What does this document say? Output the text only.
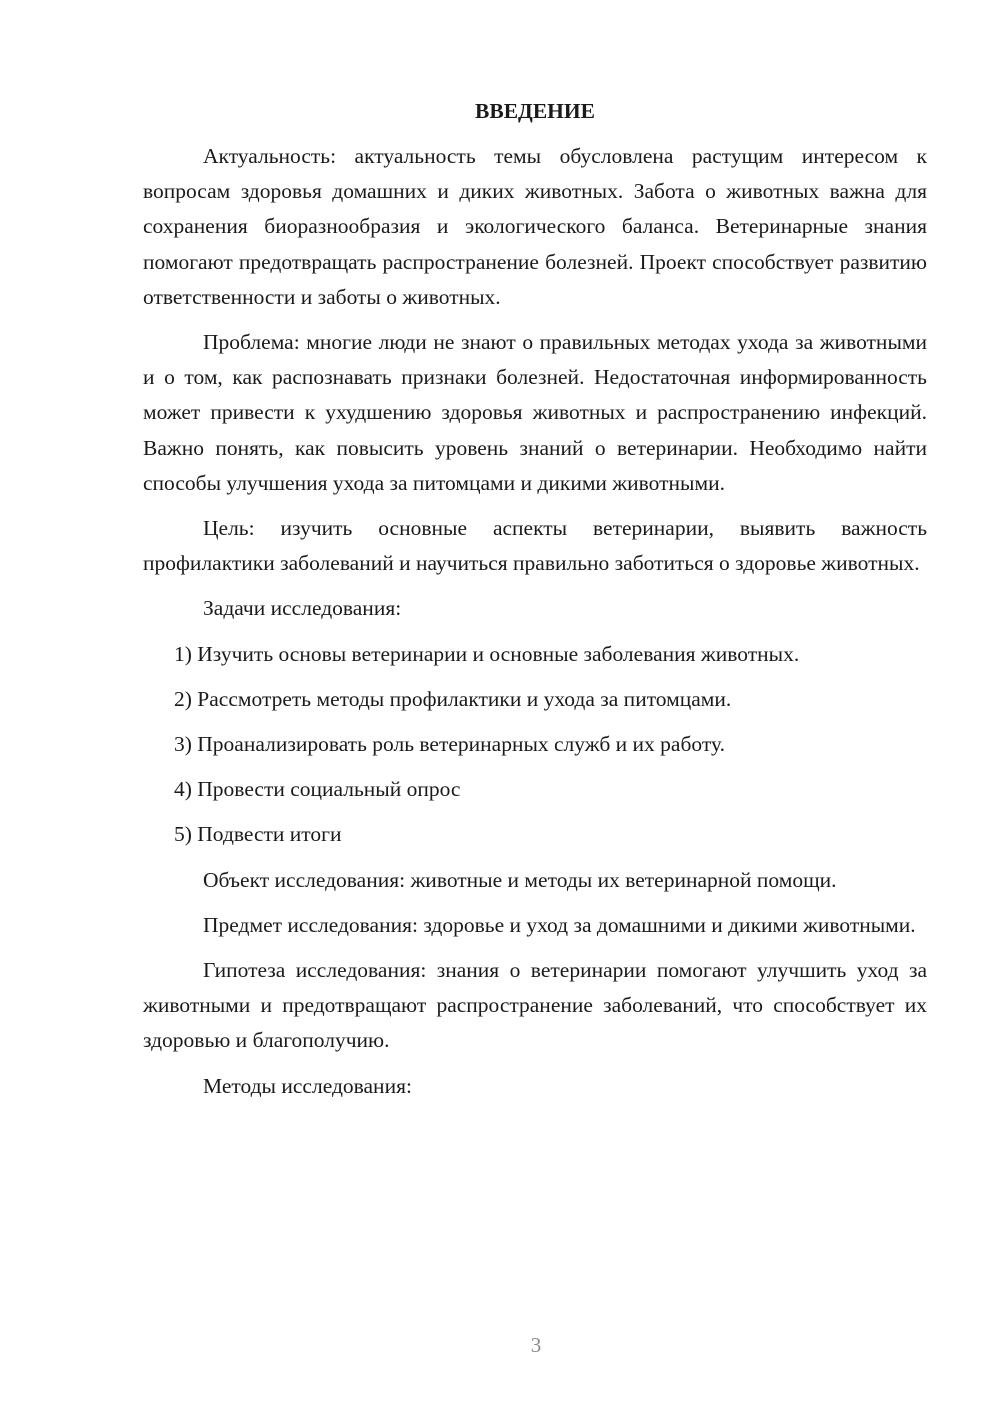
ВВЕДЕНИЕ

Актуальность: актуальность темы обусловлена растущим интересом к вопросам здоровья домашних и диких животных. Забота о животных важна для сохранения биоразнообразия и экологического баланса. Ветеринарные знания помогают предотвращать распространение болезней. Проект способствует развитию ответственности и заботы о животных.

Проблема: многие люди не знают о правильных методах ухода за животными и о том, как распознавать признаки болезней. Недостаточная информированность может привести к ухудшению здоровья животных и распространению инфекций. Важно понять, как повысить уровень знаний о ветеринарии. Необходимо найти способы улучшения ухода за питомцами и дикими животными.

Цель: изучить основные аспекты ветеринарии, выявить важность профилактики заболеваний и научиться правильно заботиться о здоровье животных.

Задачи исследования:

1) Изучить основы ветеринарии и основные заболевания животных.

2) Рассмотреть методы профилактики и ухода за питомцами.

3) Проанализировать роль ветеринарных служб и их работу.

4) Провести социальный опрос

5) Подвести итоги

Объект исследования: животные и методы их ветеринарной помощи.

Предмет исследования: здоровье и уход за домашними и дикими животными.

Гипотеза исследования: знания о ветеринарии помогают улучшить уход за животными и предотвращают распространение заболеваний, что способствует их здоровью и благополучию.

Методы исследования:

3
